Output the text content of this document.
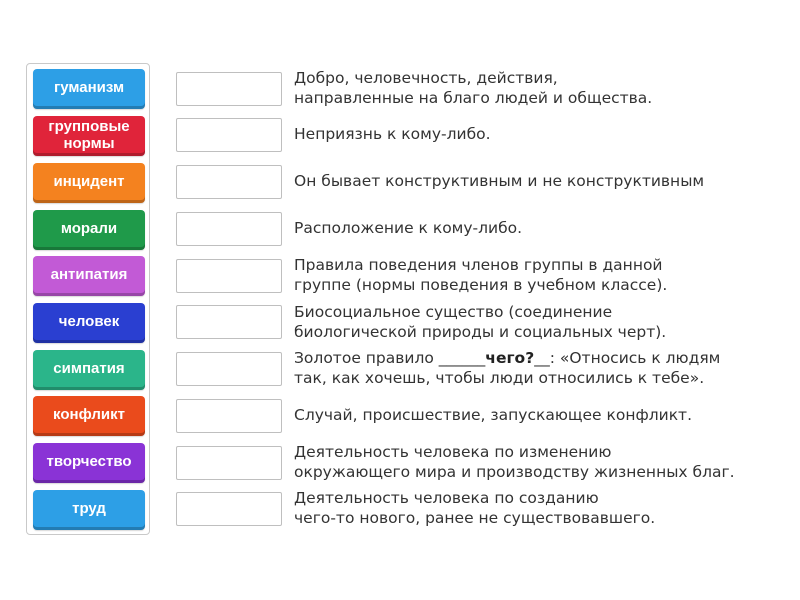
гуманизм
групповые
нормы
инцидент
морали
антипатия
человек
симпатия
конфликт
творчество
труд
Добро, человечность, действия,
направленные на благо людей и общества.
Неприязнь к кому-либо.
Он бывает конструктивным и не конструктивным
Расположение к кому-либо.
Правила поведения членов группы в данной
группе (нормы поведения в учебном классе).
Биосоциальное существо (соединение
биологической природы и социальных черт).
Золотое правило ______чего?__: «Относись к людям
так, как хочешь, чтобы люди относились к тебе».
Случай, происшествие, запускающее конфликт.
Деятельность человека по изменению
окружающего мира и производству жизненных благ.
Деятельность человека по созданию
чего-то нового, ранее не существовавшего.
